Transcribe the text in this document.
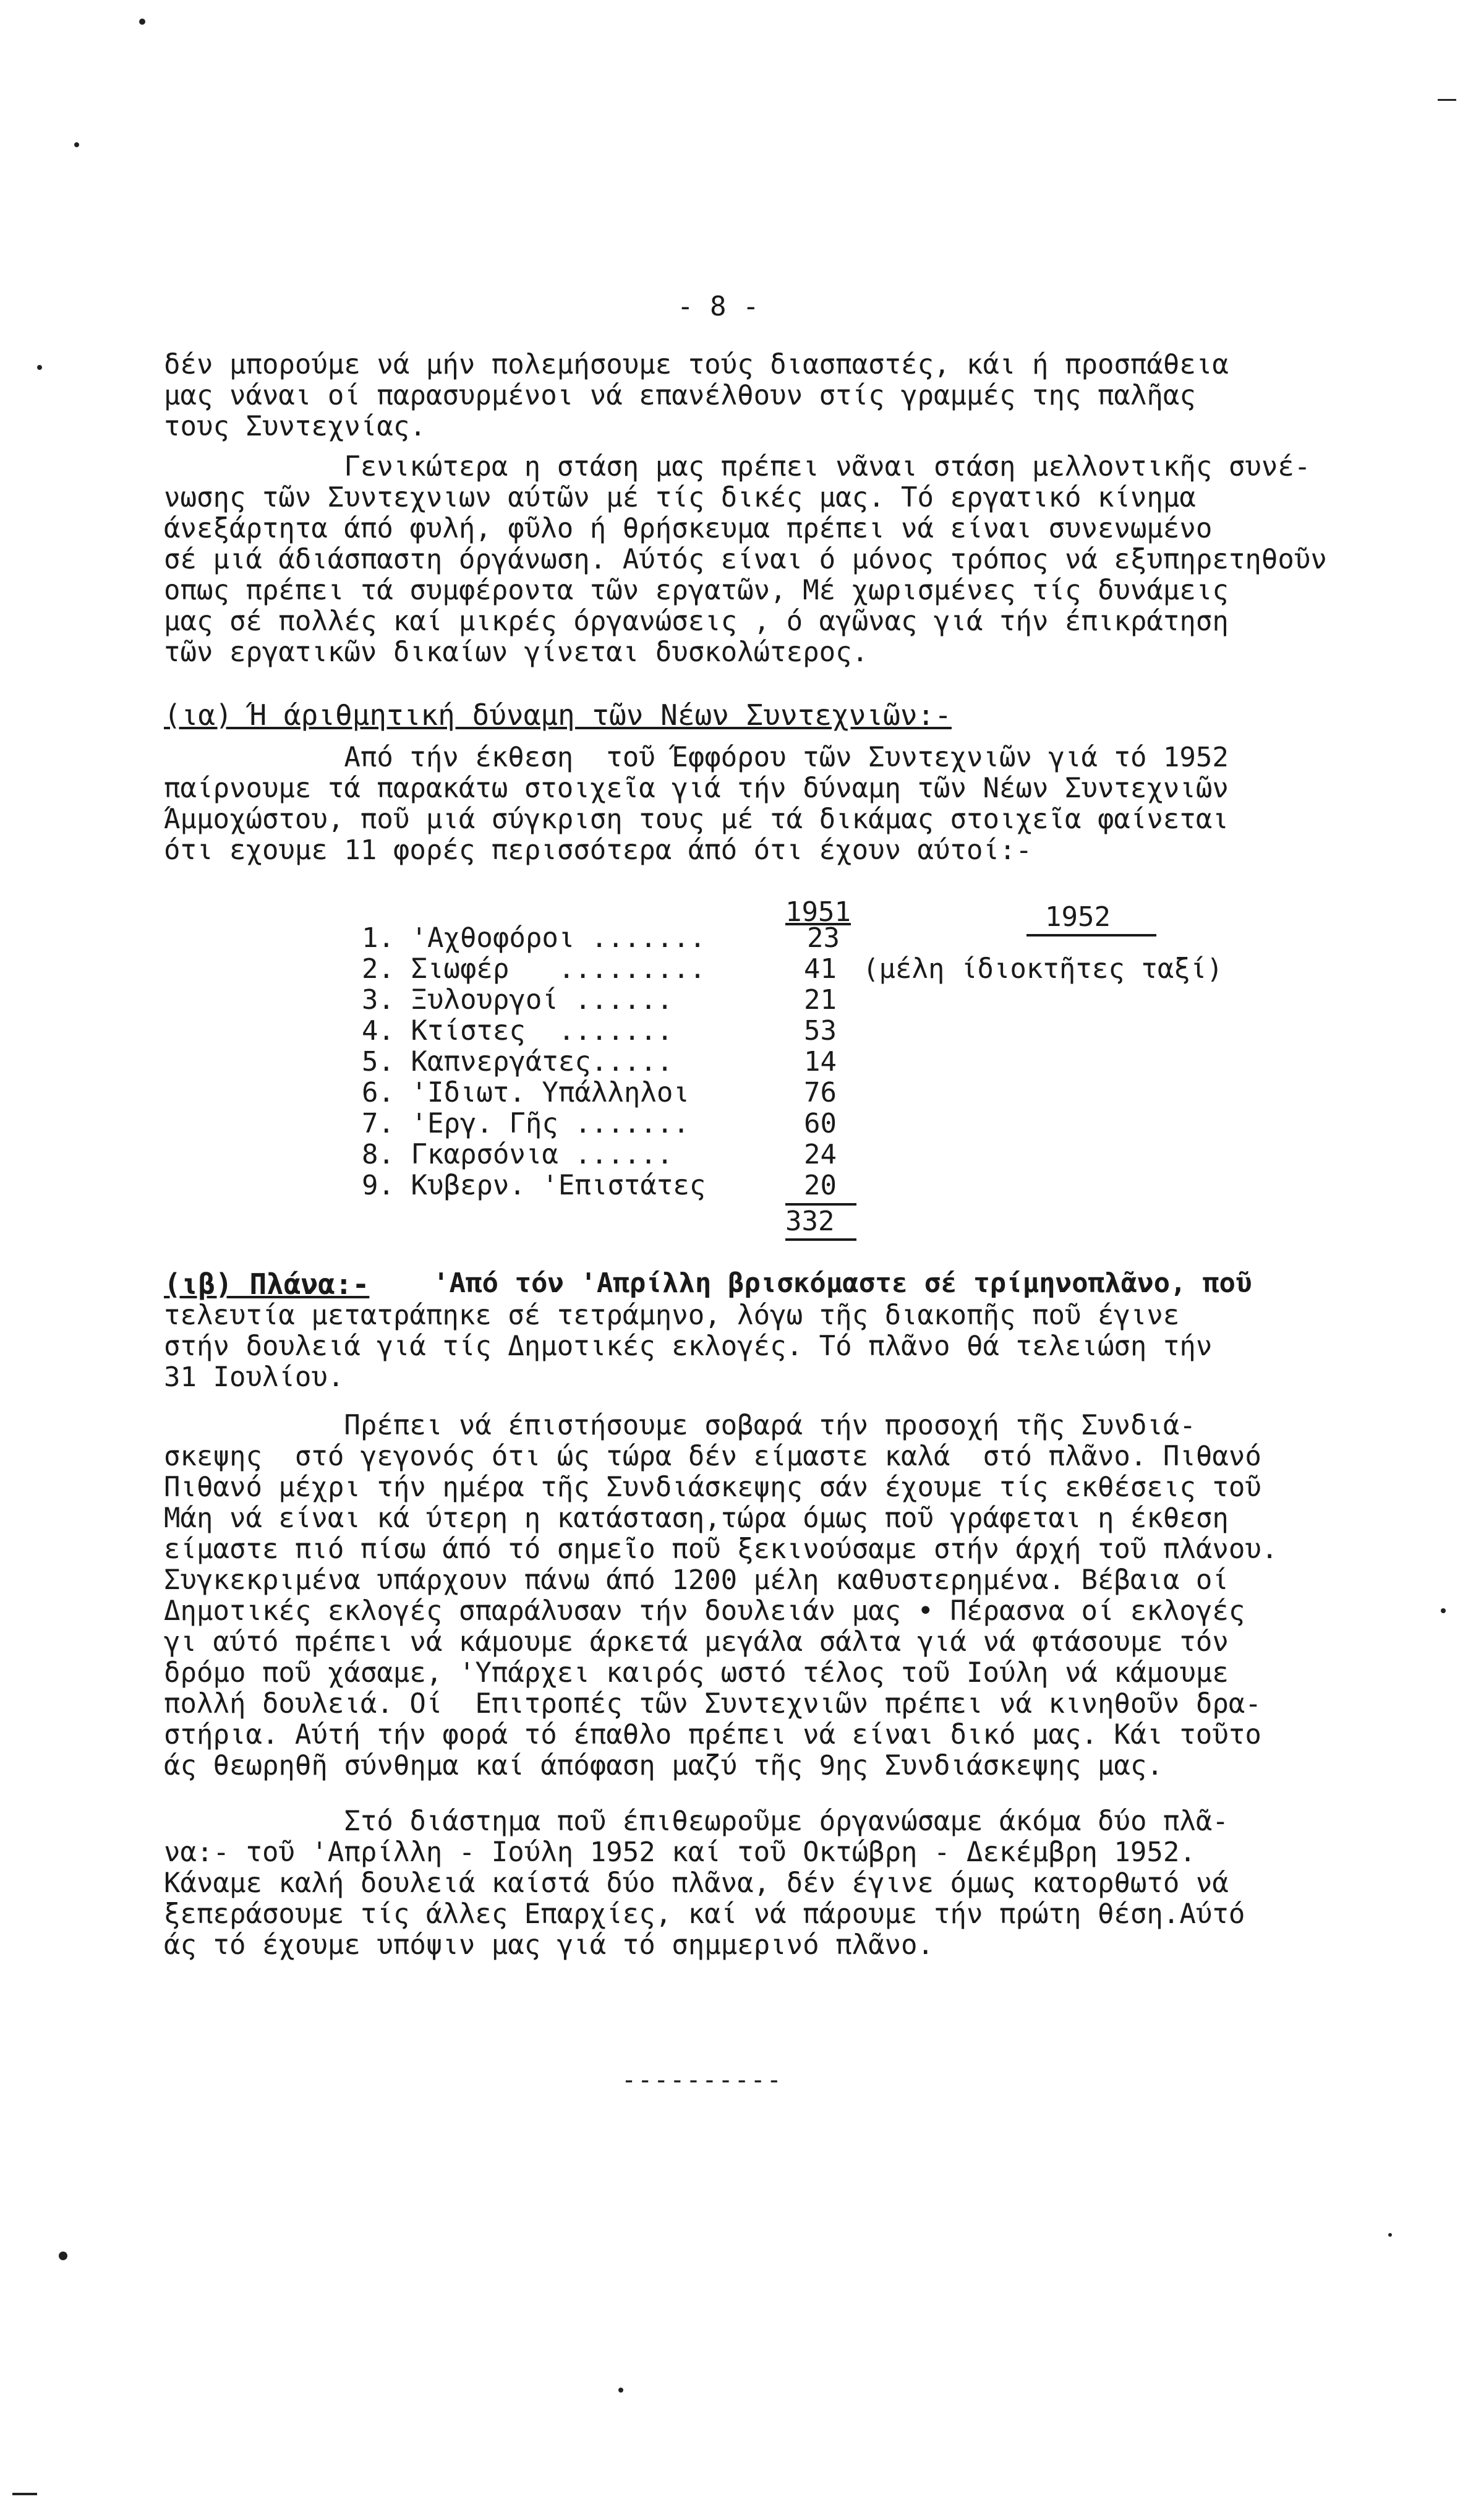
- 8 -
δέν μπορούμε νά μήν πολεμήσουμε τούς διασπαστές, κάι ή προσπάθεια
μας νάναι οί παρασυρμένοι νά επανέλθουν στίς γραμμές της παλῆας
τους Συντεχνίας.
Γενικώτερα η στάση μας πρέπει νᾶναι στάση μελλοντικῆς συνέ-
νωσης τῶν Συντεχνιων αύτῶν μέ τίς δικές μας. Τό εργατικό κίνημα
άνεξάρτητα άπό φυλή, φῦλο ή θρήσκευμα πρέπει νά είναι συνενωμένο
σέ μιά άδιάσπαστη όργάνωση. Αύτός είναι ό μόνος τρόπος νά εξυπηρετηθοῦν
οπως πρέπει τά συμφέροντα τῶν εργατῶν, Μέ χωρισμένες τίς δυνάμεις
μας σέ πολλές καί μικρές όργανώσεις , ό αγῶνας γιά τήν έπικράτηση
τῶν εργατικῶν δικαίων γίνεται δυσκολώτερος.
(ια) Ή άριθμητική δύναμη τῶν Νέων Συντεχνιῶν:-
Από τήν έκθεση  τοῦ Έφφόρου τῶν Συντεχνιῶν γιά τό 1952
παίρνουμε τά παρακάτω στοιχεῖα γιά τήν δύναμη τῶν Νέων Συντεχνιῶν
Άμμοχώστου, ποῦ μιά σύγκριση τους μέ τά δικάμας στοιχεῖα φαίνεται
ότι εχουμε 11 φορές περισσότερα άπό ότι έχουν αύτοί:-
1951	1952
1. 'Αχθοφόροι .......	23
2. Σιωφέρ   .........	41 (μέλη ίδιοκτῆτες ταξί)
3. Ξυλουργοί ......	21
4. Κτίστες  .......	53
5. Καπνεργάτες.....	14
6. 'Ιδιωτ. Υπάλληλοι	76
7. 'Εργ. Γῆς .......	60
8. Γκαρσόνια ......	24
9. Κυβερν. 'Επιστάτες	20
332
(ιβ) Πλάνα:- 'Από τόν 'Απρίλλη βρισκόμαστε σέ τρίμηνοπλᾶνο, ποῦ
τελευτία μετατράπηκε σέ τετράμηνο, λόγω τῆς διακοπῆς ποῦ έγινε
στήν δουλειά γιά τίς Δημοτικές εκλογές. Τό πλᾶνο θά τελειώση τήν
31 Ιουλίου.
Πρέπει νά έπιστήσουμε σοβαρά τήν προσοχή τῆς Συνδιά-
σκεψης  στό γεγονός ότι ώς τώρα δέν είμαστε καλά  στό πλᾶνο. Πιθανό
Πιθανό μέχρι τήν ημέρα τῆς Συνδιάσκεψης σάν έχουμε τίς εκθέσεις τοῦ
Μάη νά είναι κά ύτερη η κατάσταση,τώρα όμως ποῦ γράφεται η έκθεση
είμαστε πιό πίσω άπό τό σημεῖο ποῦ ξεκινούσαμε στήν άρχή τοῦ πλάνου.
Συγκεκριμένα υπάρχουν πάνω άπό 1200 μέλη καθυστερημένα. Βέβαια οί
Δημοτικές εκλογές σπαράλυσαν τήν δουλειάν μας • Πέρασνα οί εκλογές
γι αύτό πρέπει νά κάμουμε άρκετά μεγάλα σάλτα γιά νά φτάσουμε τόν
δρόμο ποῦ χάσαμε, 'Υπάρχει καιρός ωστό τέλος τοῦ Ιούλη νά κάμουμε
πολλή δουλειά. Οί  Επιτροπές τῶν Συντεχνιῶν πρέπει νά κινηθοῦν δρα-
στήρια. Αύτή τήν φορά τό έπαθλο πρέπει νά είναι δικό μας. Κάι τοῦτο
άς θεωρηθῆ σύνθημα καί άπόφαση μαζύ τῆς 9ης Συνδιάσκεψης μας.
Στό διάστημα ποῦ έπιθεωροῦμε όργανώσαμε άκόμα δύο πλᾶ-
να:- τοῦ 'Απρίλλη - Ιούλη 1952 καί τοῦ Οκτώβρη - Δεκέμβρη 1952.
Κάναμε καλή δουλειά καίστά δύο πλᾶνα, δέν έγινε όμως κατορθωτό νά
ξεπεράσουμε τίς άλλες Επαρχίες, καί νά πάρουμε τήν πρώτη θέση.Αύτό
άς τό έχουμε υπόψιν μας γιά τό σημμερινό πλᾶνο.
----------
